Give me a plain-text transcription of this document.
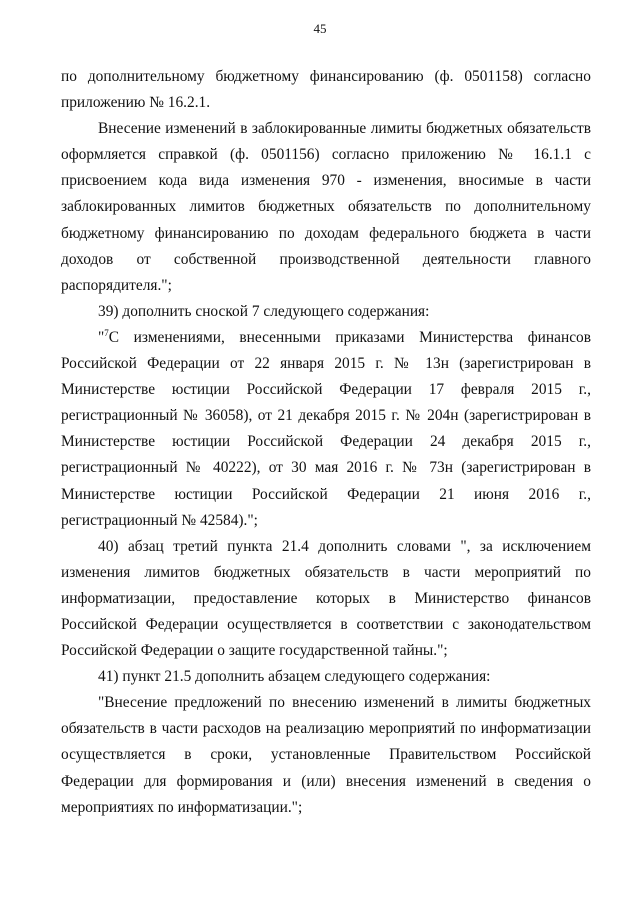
45

по дополнительному бюджетному финансированию (ф. 0501158) согласно приложению № 16.2.1.

Внесение изменений в заблокированные лимиты бюджетных обязательств оформляется справкой (ф. 0501156) согласно приложению № 16.1.1 с присвоением кода вида изменения 970 - изменения, вносимые в части заблокированных лимитов бюджетных обязательств по дополнительному бюджетному финансированию по доходам федерального бюджета в части доходов от собственной производственной деятельности главного распорядителя.";

39) дополнить сноской 7 следующего содержания:

"$^7$С изменениями, внесенными приказами Министерства финансов Российской Федерации от 22 января 2015 г. № 13н (зарегистрирован в Министерстве юстиции Российской Федерации 17 февраля 2015 г., регистрационный № 36058), от 21 декабря 2015 г. № 204н (зарегистрирован в Министерстве юстиции Российской Федерации 24 декабря 2015 г., регистрационный № 40222), от 30 мая 2016 г. № 73н (зарегистрирован в Министерстве юстиции Российской Федерации 21 июня 2016 г., регистрационный № 42584).";

40) абзац третий пункта 21.4 дополнить словами ", за исключением изменения лимитов бюджетных обязательств в части мероприятий по информатизации, предоставление которых в Министерство финансов Российской Федерации осуществляется в соответствии с законодательством Российской Федерации о защите государственной тайны.";

41) пункт 21.5 дополнить абзацем следующего содержания:

"Внесение предложений по внесению изменений в лимиты бюджетных обязательств в части расходов на реализацию мероприятий по информатизации осуществляется в сроки, установленные Правительством Российской Федерации для формирования и (или) внесения изменений в сведения о мероприятиях по информатизации.";
